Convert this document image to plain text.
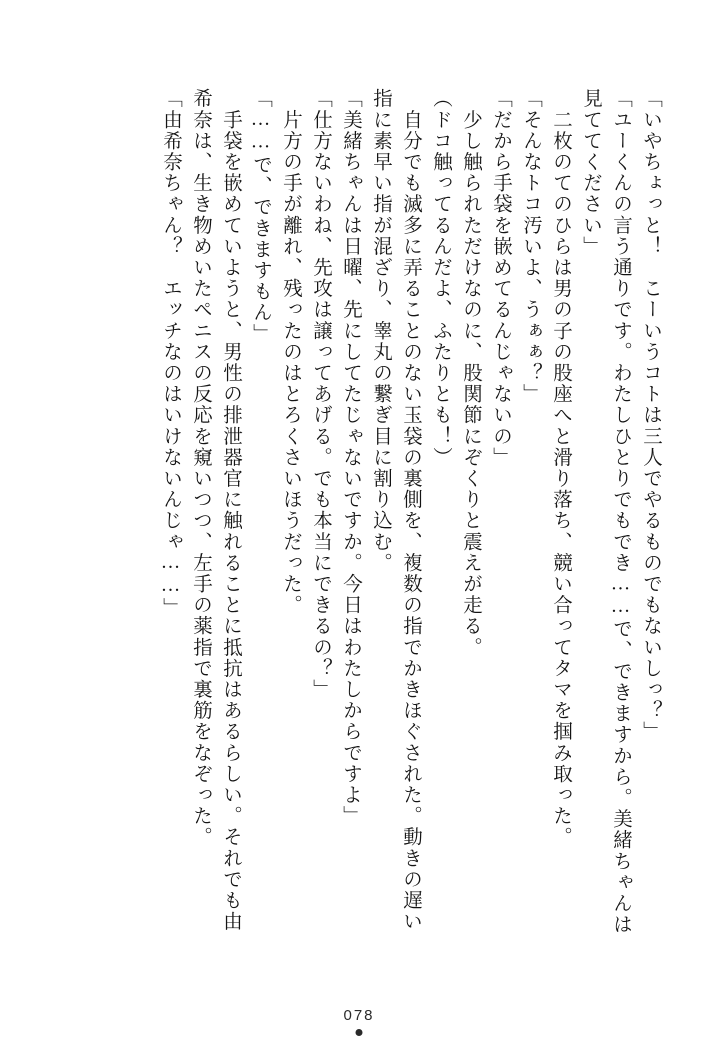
「いやちょっと！　こーいうコトは三人でやるものでもないしっ？」
「ユーくんの言う通りです。わたしひとりでもでき……で、できますから。美緒ちゃんは
見ててください」
　二枚のてのひらは男の子の股座へと滑り落ち、競い合ってタマを掴み取った。
「そんなトコ汚いよ、うぁぁ？」
「だから手袋を嵌めてるんじゃないの」
　少し触られただけなのに、股関節にぞくりと震えが走る。
（ドコ触ってるんだよ、ふたりとも！）
　自分でも滅多に弄ることのない玉袋の裏側を、複数の指でかきほぐされた。動きの遅い
指に素早い指が混ざり、睾丸の繋ぎ目に割り込む。
「美緒ちゃんは日曜、先にしてたじゃないですか。今日はわたしからですよ」
「仕方ないわね、先攻は譲ってあげる。でも本当にできるの？」
　片方の手が離れ、残ったのはとろくさいほうだった。
「……で、できますもん」
　手袋を嵌めていようと、男性の排泄器官に触れることに抵抗はあるらしい。それでも由
希奈は、生き物めいたペニスの反応を窺いつつ、左手の薬指で裏筋をなぞった。
「由希奈ちゃん？　エッチなのはいけないんじゃ……」
078
